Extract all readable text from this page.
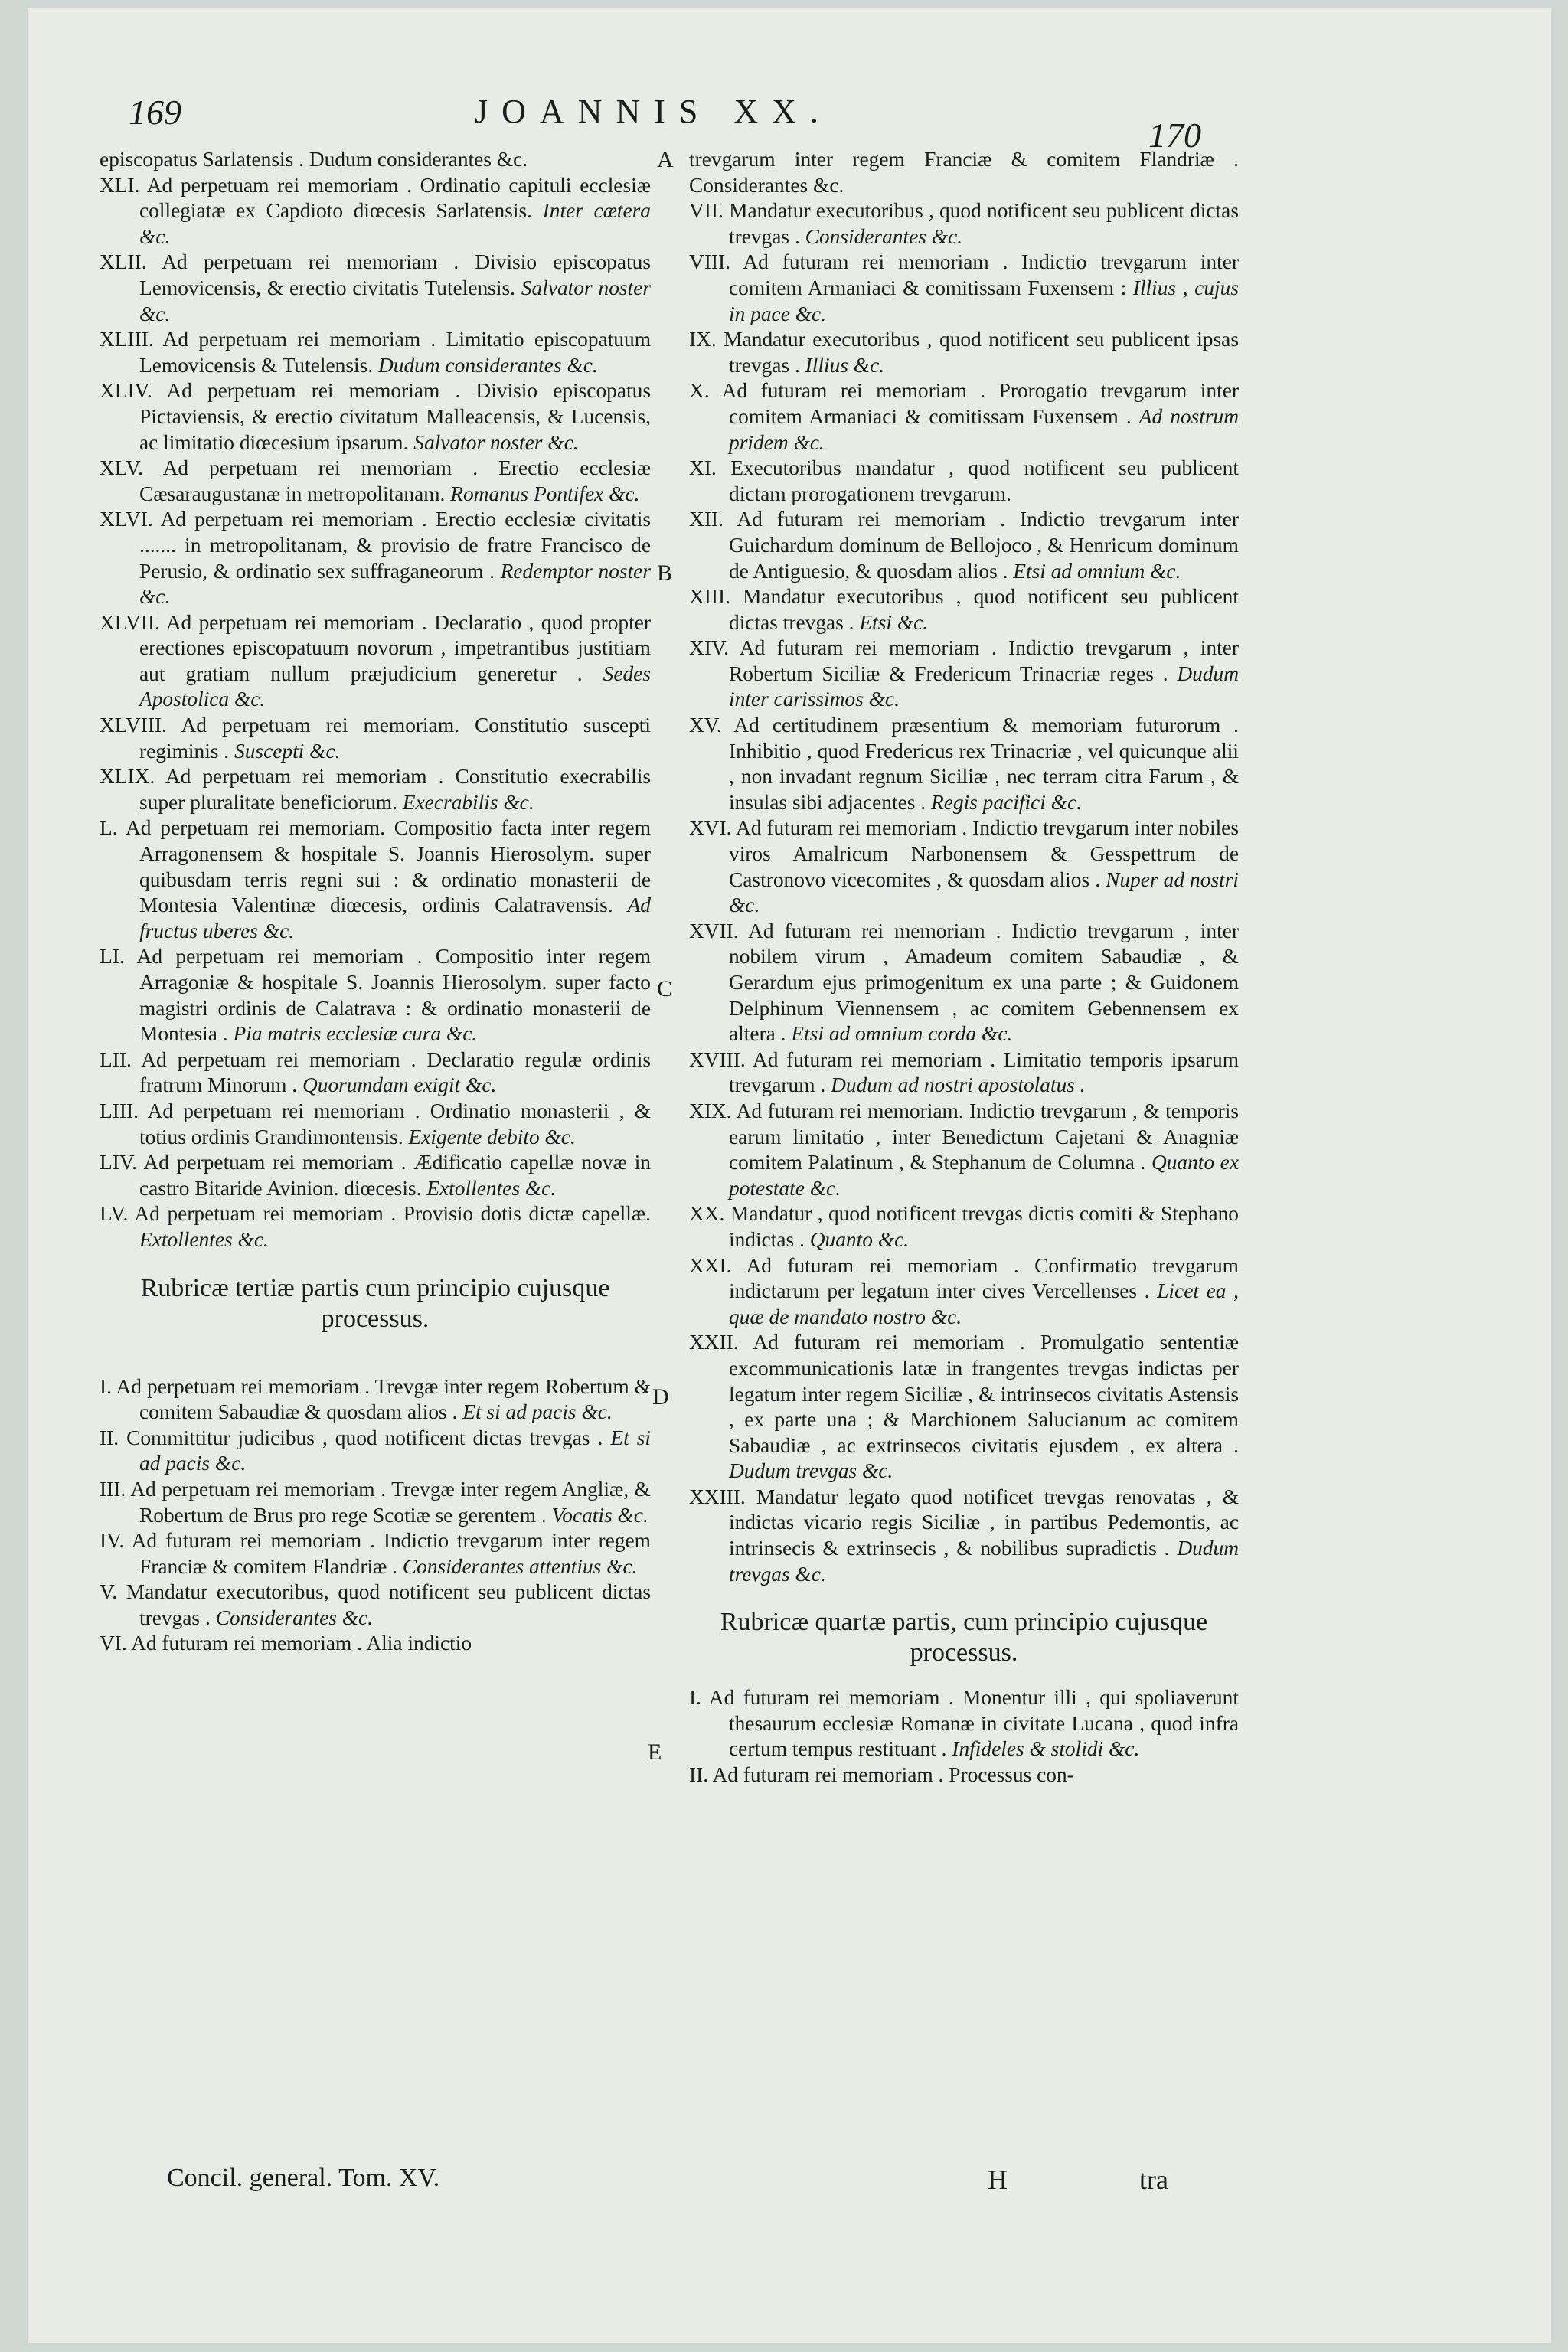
169	JOANNIS XX.
170
A
B
C
D
E

episcopatus Sarlatensis . Dudum considerantes &c.

XLI. Ad perpetuam rei memoriam . Ordinatio capituli ecclesiæ collegiatæ ex Capdioto diœcesis Sarlatensis. Inter cætera &c.

XLII. Ad perpetuam rei memoriam . Divisio episcopatus Lemovicensis, & erectio civitatis Tutelensis. Salvator noster &c.

XLIII. Ad perpetuam rei memoriam . Limitatio episcopatuum Lemovicensis & Tutelensis. Dudum considerantes &c.

XLIV. Ad perpetuam rei memoriam . Divisio episcopatus Pictaviensis, & erectio civitatum Malleacensis, & Lucensis, ac limitatio diœcesium ipsarum. Salvator noster &c.

XLV. Ad perpetuam rei memoriam . Erectio ecclesiæ Cæsaraugustanæ in metropolitanam. Romanus Pontifex &c.

XLVI. Ad perpetuam rei memoriam . Erectio ecclesiæ civitatis ....... in metropolitanam, & provisio de fratre Francisco de Perusio, & ordinatio sex suffraganeorum . Redemptor noster &c.

XLVII. Ad perpetuam rei memoriam . Declaratio , quod propter erectiones episcopatuum novorum , impetrantibus justitiam aut gratiam nullum præjudicium generetur . Sedes Apostolica &c.

XLVIII. Ad perpetuam rei memoriam. Constitutio suscepti regiminis . Suscepti &c.

XLIX. Ad perpetuam rei memoriam . Constitutio execrabilis super pluralitate beneficiorum. Execrabilis &c.

L. Ad perpetuam rei memoriam. Compositio facta inter regem Arragonensem & hospitale S. Joannis Hierosolym. super quibusdam terris regni sui : & ordinatio monasterii de Montesia Valentinæ diœcesis, ordinis Calatravensis. Ad fructus uberes &c.

LI. Ad perpetuam rei memoriam . Compositio inter regem Arragoniæ & hospitale S. Joannis Hierosolym. super facto magistri ordinis de Calatrava : & ordinatio monasterii de Montesia . Pia matris ecclesiæ cura &c.

LII. Ad perpetuam rei memoriam . Declaratio regulæ ordinis fratrum Minorum . Quorumdam exigit &c.

LIII. Ad perpetuam rei memoriam . Ordinatio monasterii , & totius ordinis Grandimontensis. Exigente debito &c.

LIV. Ad perpetuam rei memoriam . Ædificatio capellæ novæ in castro Bitaride Avinion. diœcesis. Extollentes &c.

LV. Ad perpetuam rei memoriam . Provisio dotis dictæ capellæ. Extollentes &c.

Rubricæ tertiæ partis cum principio cujusque processus.

I. Ad perpetuam rei memoriam . Trevgæ inter regem Robertum & comitem Sabaudiæ & quosdam alios . Et si ad pacis &c.

II. Committitur judicibus , quod notificent dictas trevgas . Et si ad pacis &c.

III. Ad perpetuam rei memoriam . Trevgæ inter regem Angliæ, & Robertum de Brus pro rege Scotiæ se gerentem . Vocatis &c.

IV. Ad futuram rei memoriam . Indictio trevgarum inter regem Franciæ & comitem Flandriæ . Considerantes attentius &c.

V. Mandatur executoribus, quod notificent seu publicent dictas trevgas . Considerantes &c.

VI. Ad futuram rei memoriam . Alia indictio

Concil. general. Tom. XV.

trevgarum inter regem Franciæ & comitem Flandriæ . Considerantes &c.

VII. Mandatur executoribus , quod notificent seu publicent dictas trevgas . Considerantes &c.

VIII. Ad futuram rei memoriam . Indictio trevgarum inter comitem Armaniaci & comitissam Fuxensem : Illius , cujus in pace &c.

IX. Mandatur executoribus , quod notificent seu publicent ipsas trevgas . Illius &c.

X. Ad futuram rei memoriam . Prorogatio trevgarum inter comitem Armaniaci & comitissam Fuxensem . Ad nostrum pridem &c.

XI. Executoribus mandatur , quod notificent seu publicent dictam prorogationem trevgarum.

XII. Ad futuram rei memoriam . Indictio trevgarum inter Guichardum dominum de Bellojoco , & Henricum dominum de Antiguesio, & quosdam alios . Etsi ad omnium &c.

XIII. Mandatur executoribus , quod notificent seu publicent dictas trevgas . Etsi &c.

XIV. Ad futuram rei memoriam . Indictio trevgarum , inter Robertum Siciliæ & Fredericum Trinacriæ reges . Dudum inter carissimos &c.

XV. Ad certitudinem præsentium & memoriam futurorum . Inhibitio , quod Fredericus rex Trinacriæ , vel quicunque alii , non invadant regnum Siciliæ , nec terram citra Farum , & insulas sibi adjacentes . Regis pacifici &c.

XVI. Ad futuram rei memoriam . Indictio trevgarum inter nobiles viros Amalricum Narbonensem & Gesspettrum de Castronovo vicecomites , & quosdam alios . Nuper ad nostri &c.

XVII. Ad futuram rei memoriam . Indictio trevgarum , inter nobilem virum , Amadeum comitem Sabaudiæ , & Gerardum ejus primogenitum ex una parte ; & Guidonem Delphinum Viennensem , ac comitem Gebennensem ex altera . Etsi ad omnium corda &c.

XVIII. Ad futuram rei memoriam . Limitatio temporis ipsarum trevgarum . Dudum ad nostri apostolatus .

XIX. Ad futuram rei memoriam. Indictio trevgarum , & temporis earum limitatio , inter Benedictum Cajetani & Anagniæ comitem Palatinum , & Stephanum de Columna . Quanto ex potestate &c.

XX. Mandatur , quod notificent trevgas dictis comiti & Stephano indictas . Quanto &c.

XXI. Ad futuram rei memoriam . Confirmatio trevgarum indictarum per legatum inter cives Vercellenses . Licet ea , quæ de mandato nostro &c.

XXII. Ad futuram rei memoriam . Promulgatio sententiæ excommunicationis latæ in frangentes trevgas indictas per legatum inter regem Siciliæ , & intrinsecos civitatis Astensis , ex parte una ; & Marchionem Salucianum ac comitem Sabaudiæ , ac extrinsecos civitatis ejusdem , ex altera . Dudum trevgas &c.

XXIII. Mandatur legato quod notificet trevgas renovatas , & indictas vicario regis Siciliæ , in partibus Pedemontis, ac intrinsecis & extrinsecis , & nobilibus supradictis . Dudum trevgas &c.

Rubricæ quartæ partis, cum principio cujusque processus.

I. Ad futuram rei memoriam . Monentur illi , qui spoliaverunt thesaurum ecclesiæ Romanæ in civitate Lucana , quod infra certum tempus restituant . Infideles & stolidi &c.

II. Ad futuram rei memoriam . Processus con-

H	tra
